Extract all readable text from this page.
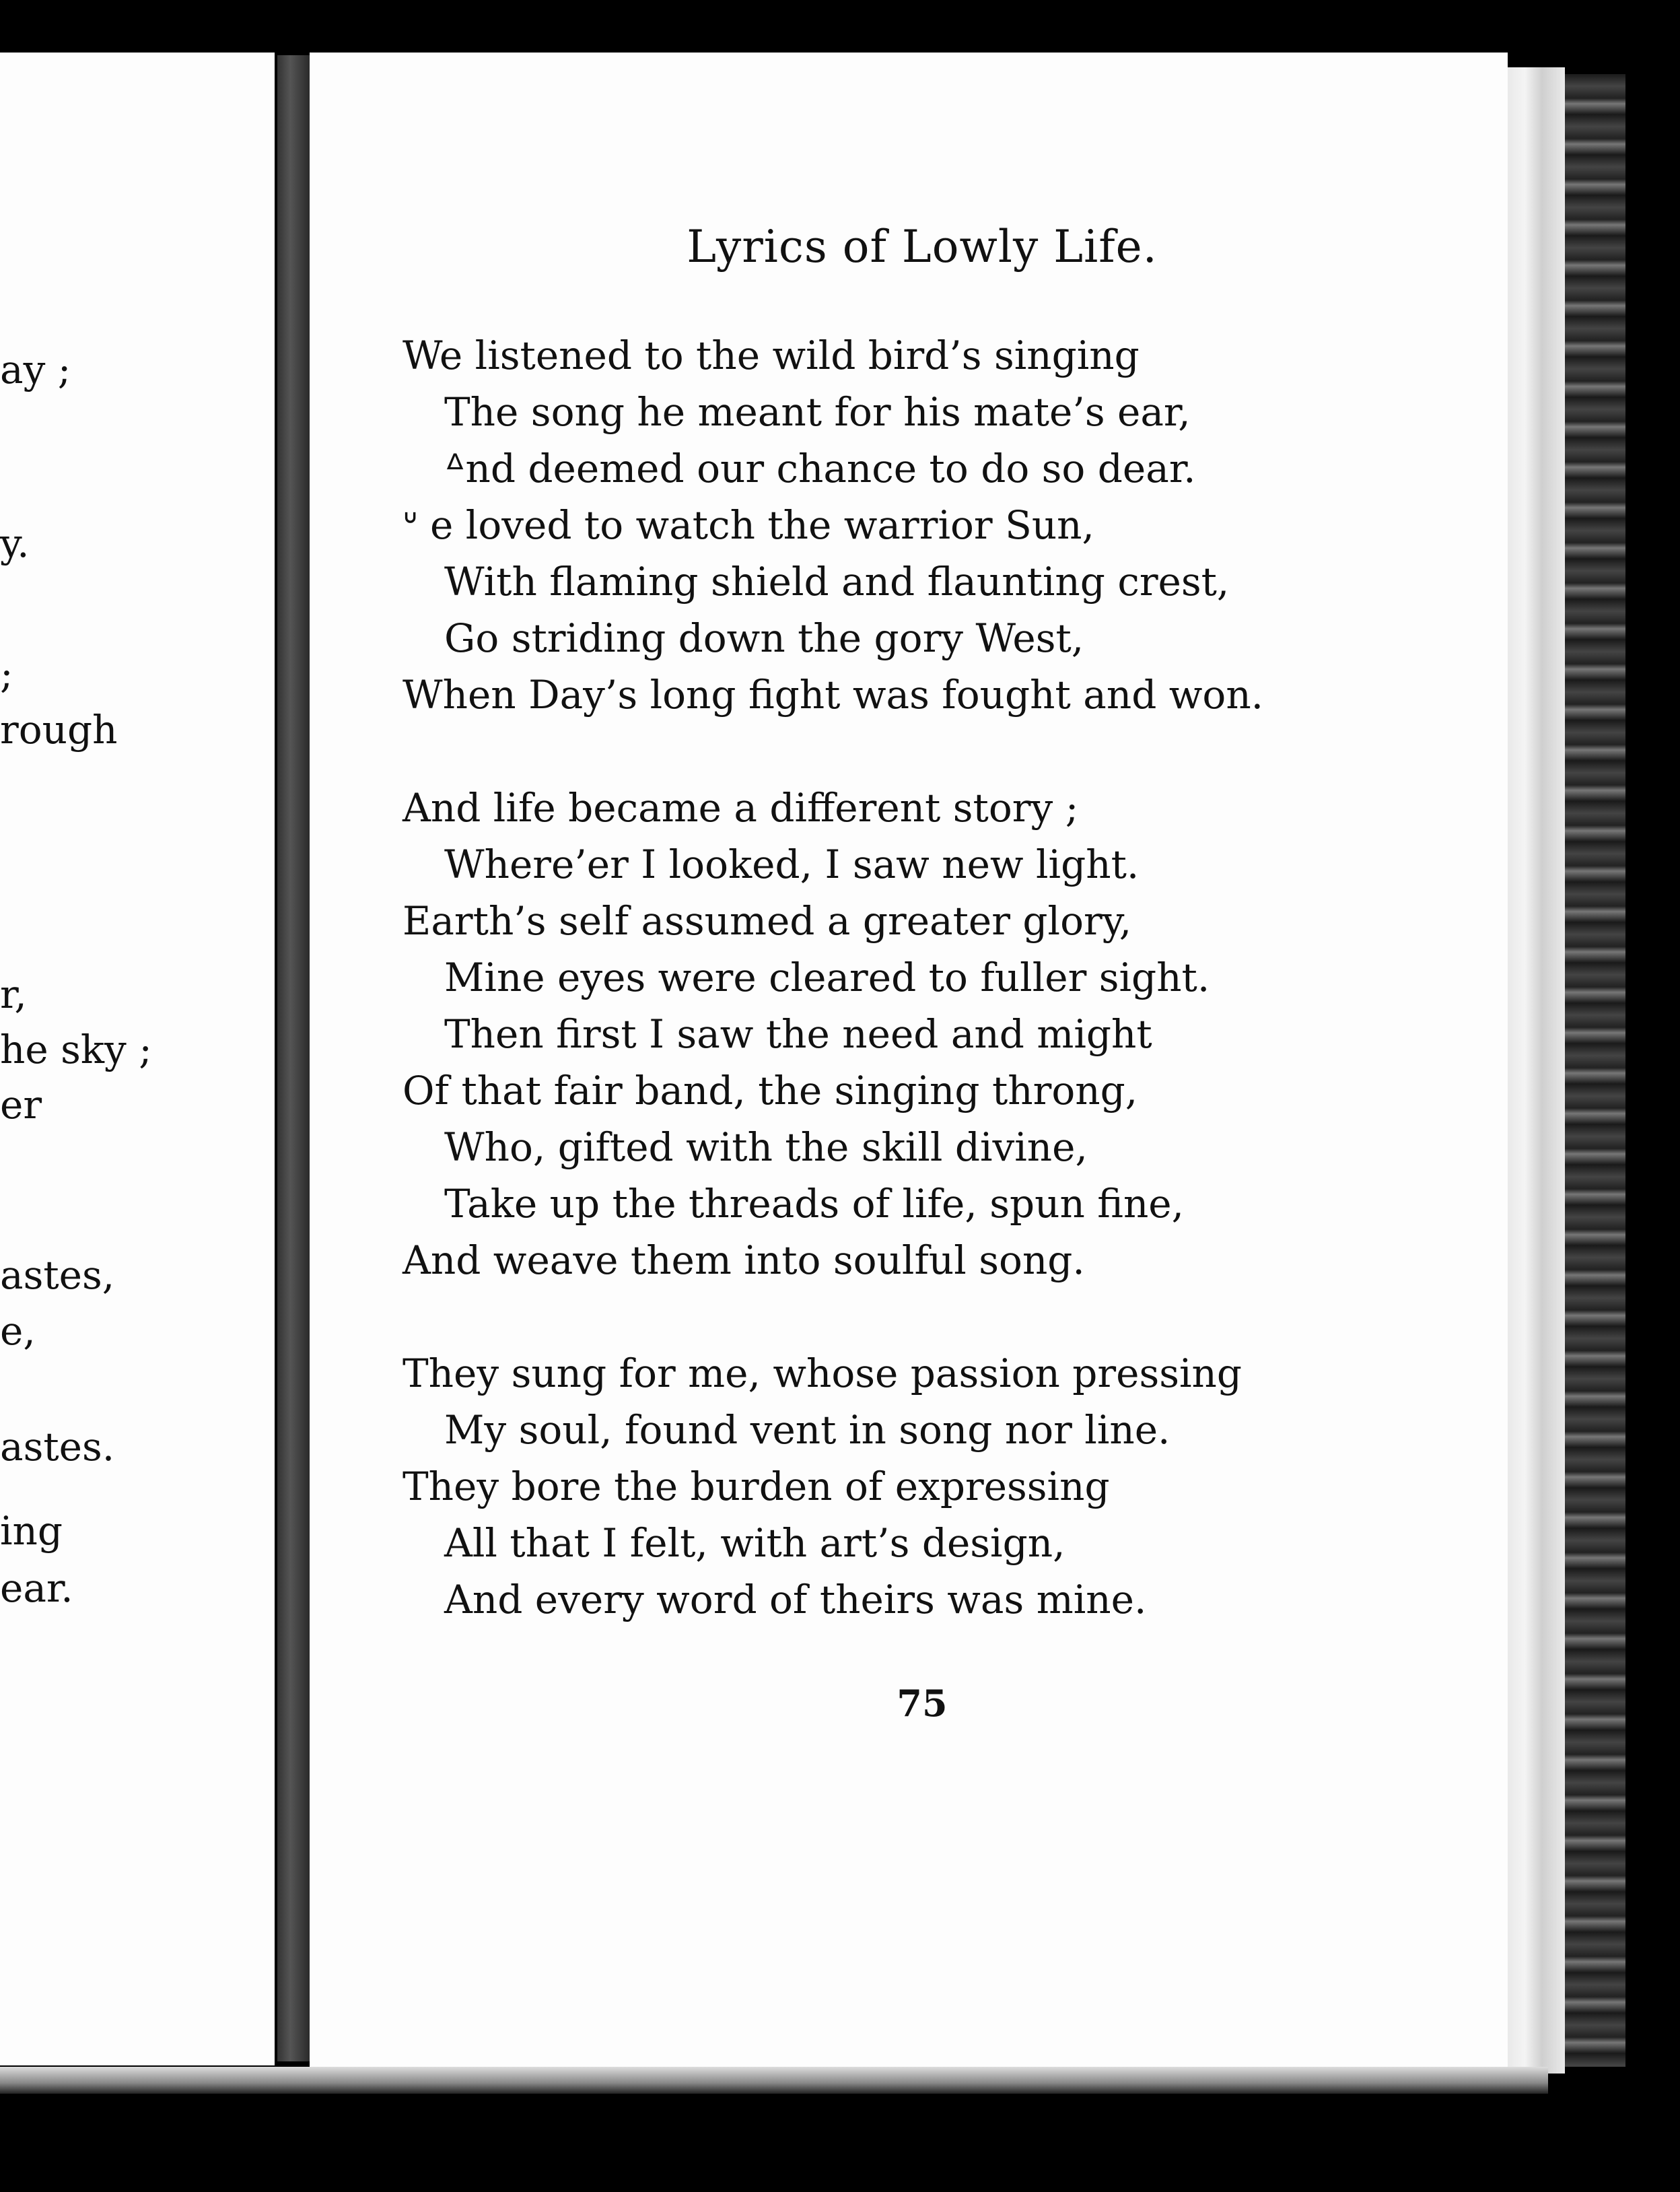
ay ;
y.
;
rough
r,
he sky ;
er
astes,
e,
astes.
ing
ear.
Lyrics of Lowly Life.
We listened to the wild bird’s singing
The song he meant for his mate’s ear,
ᐞnd deemed our chance to do so dear.
ᐡ e loved to watch the warrior Sun,
With flaming shield and flaunting crest,
Go striding down the gory West,
When Day’s long fight was fought and won.
And life became a different story ;
Where’er I looked, I saw new light.
Earth’s self assumed a greater glory,
Mine eyes were cleared to fuller sight.
Then first I saw the need and might
Of that fair band, the singing throng,
Who, gifted with the skill divine,
Take up the threads of life, spun fine,
And weave them into soulful song.
They sung for me, whose passion pressing
My soul, found vent in song nor line.
They bore the burden of expressing
All that I felt, with art’s design,
And every word of theirs was mine.
75
